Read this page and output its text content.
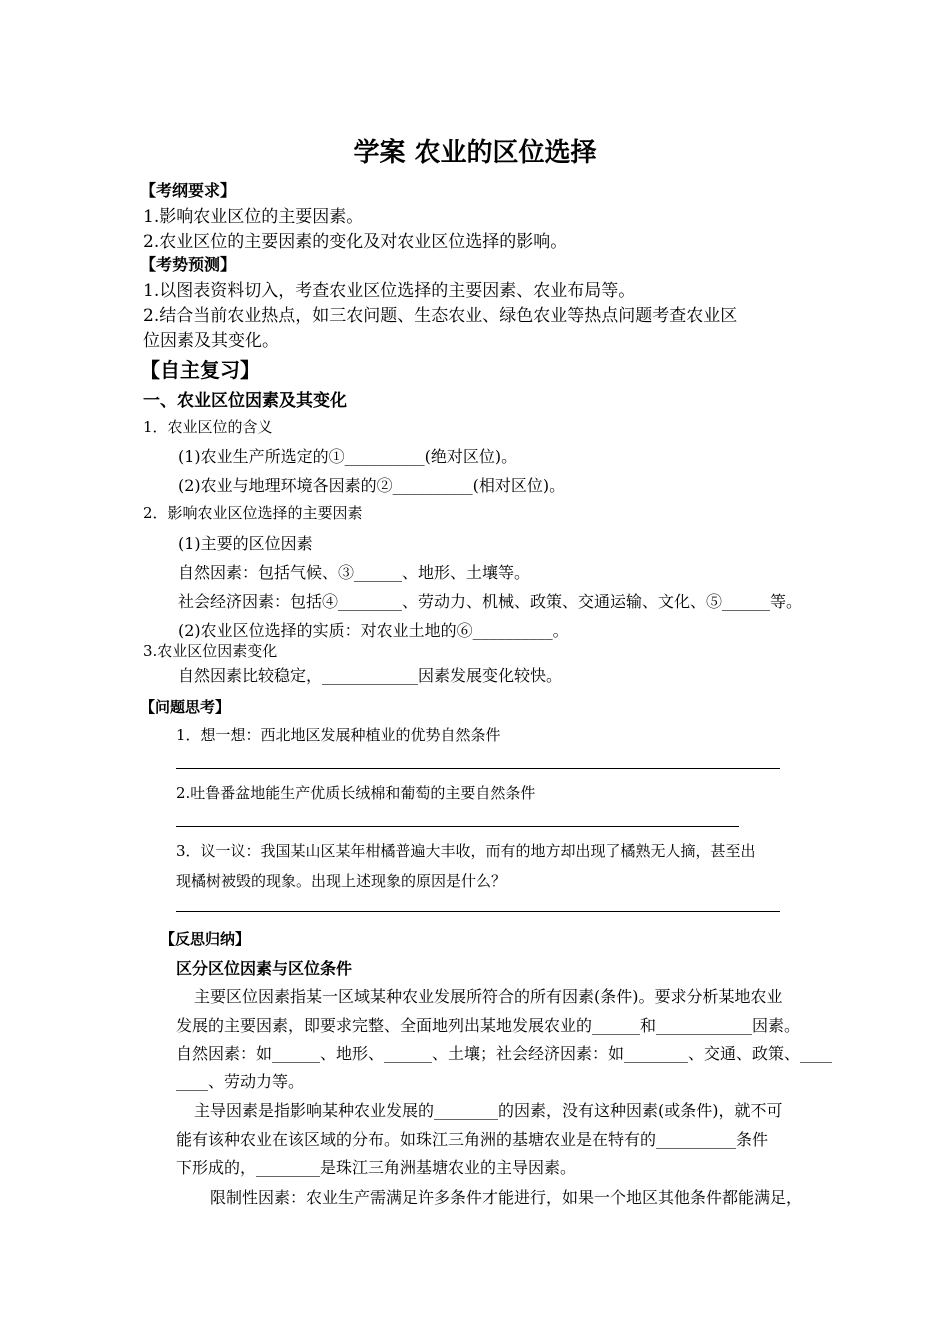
学案 农业的区位选择
【考纲要求】
1.影响农业区位的主要因素。
2.农业区位的主要因素的变化及对农业区位选择的影响。
【考势预测】
1.以图表资料切入，考查农业区位选择的主要因素、农业布局等。
2.结合当前农业热点，如三农问题、生态农业、绿色农业等热点问题考查农业区
位因素及其变化。
【自主复习】
一、农业区位因素及其变化
1．农业区位的含义
(1)农业生产所选定的①__________(绝对区位)。
(2)农业与地理环境各因素的②__________(相对区位)。
2．影响农业区位选择的主要因素
(1)主要的区位因素
自然因素：包括气候、③______、地形、土壤等。
社会经济因素：包括④________、劳动力、机械、政策、交通运输、文化、⑤______等。
(2)农业区位选择的实质：对农业土地的⑥__________。
3.农业区位因素变化
自然因素比较稳定，____________因素发展变化较快。
【问题思考】
1．想一想：西北地区发展种植业的优势自然条件
2.吐鲁番盆地能生产优质长绒棉和葡萄的主要自然条件
3．议一议：我国某山区某年柑橘普遍大丰收，而有的地方却出现了橘熟无人摘，甚至出
现橘树被毁的现象。出现上述现象的原因是什么？
【反思归纳】
区分区位因素与区位条件
主要区位因素指某一区域某种农业发展所符合的所有因素(条件)。要求分析某地农业
发展的主要因素，即要求完整、全面地列出某地发展农业的______和____________因素。
自然因素：如______、地形、______、土壤；社会经济因素：如________、交通、政策、____
____、劳动力等。
主导因素是指影响某种农业发展的________的因素，没有这种因素(或条件)，就不可
能有该种农业在该区域的分布。如珠江三角洲的基塘农业是在特有的__________条件
下形成的，________是珠江三角洲基塘农业的主导因素。
限制性因素：农业生产需满足许多条件才能进行，如果一个地区其他条件都能满足，
